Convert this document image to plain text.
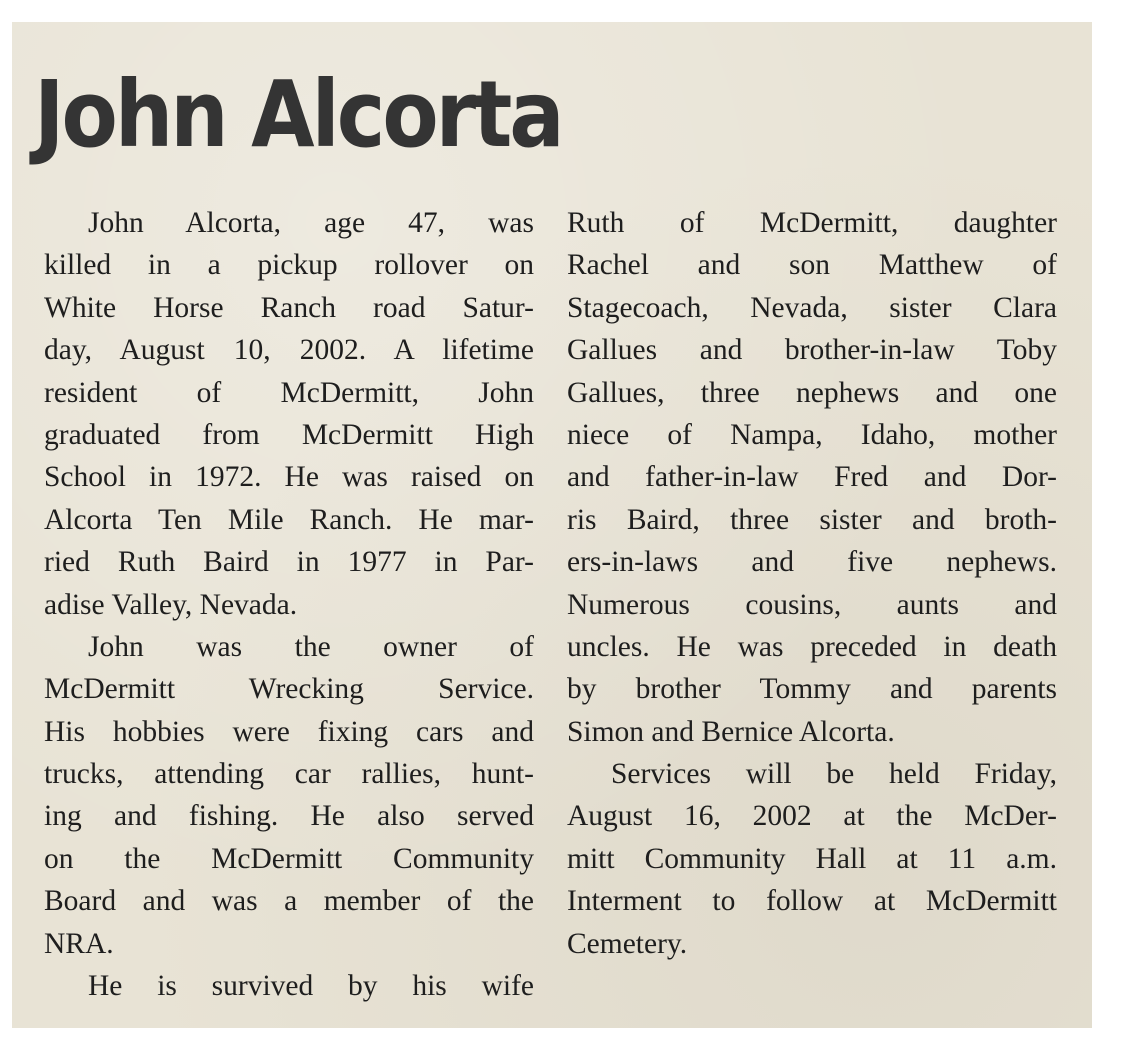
John Alcorta
John Alcorta, age 47, was
killed in a pickup rollover on
White Horse Ranch road Satur-
day, August 10, 2002. A lifetime
resident of McDermitt, John
graduated from McDermitt High
School in 1972. He was raised on
Alcorta Ten Mile Ranch. He mar-
ried Ruth Baird in 1977 in Par-
adise Valley, Nevada.
John was the owner of
McDermitt Wrecking Service.
His hobbies were fixing cars and
trucks, attending car rallies, hunt-
ing and fishing. He also served
on the McDermitt Community
Board and was a member of the
NRA.
He is survived by his wife
Ruth of McDermitt, daughter
Rachel and son Matthew of
Stagecoach, Nevada, sister Clara
Gallues and brother-in-law Toby
Gallues, three nephews and one
niece of Nampa, Idaho, mother
and father-in-law Fred and Dor-
ris Baird, three sister and broth-
ers-in-laws and five nephews.
Numerous cousins, aunts and
uncles. He was preceded in death
by brother Tommy and parents
Simon and Bernice Alcorta.
Services will be held Friday,
August 16, 2002 at the McDer-
mitt Community Hall at 11 a.m.
Interment to follow at McDermitt
Cemetery.
